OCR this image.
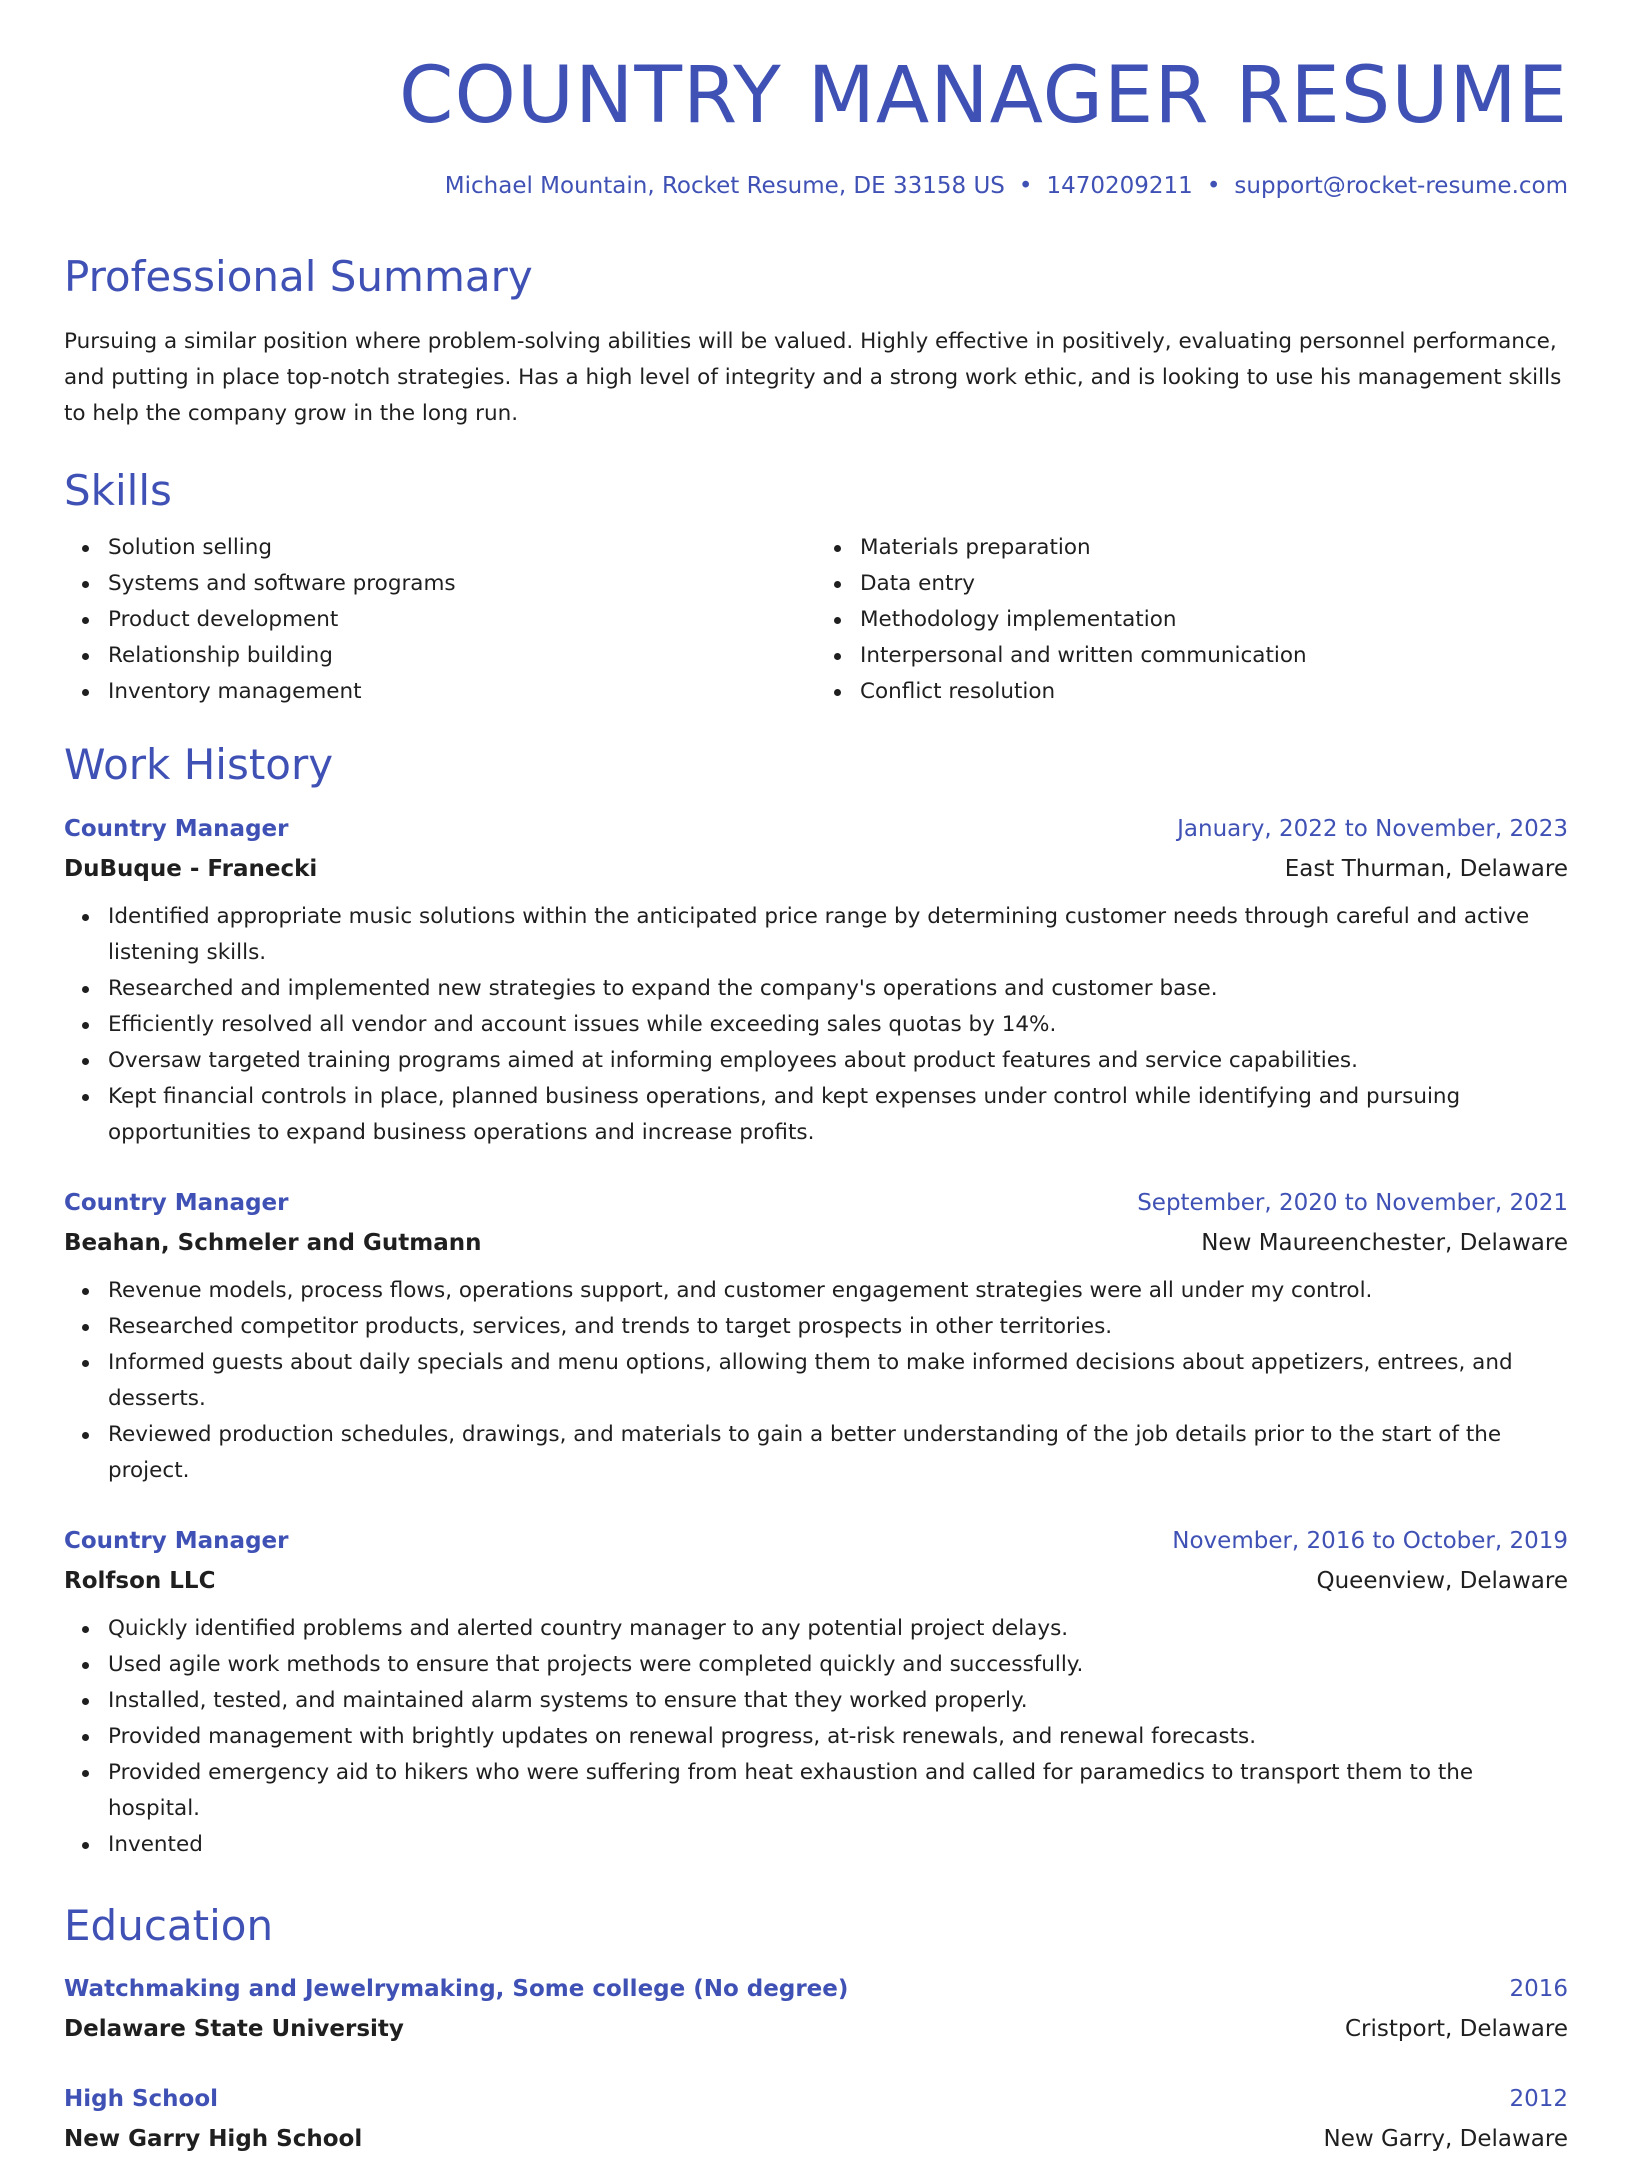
COUNTRY MANAGER RESUME
Michael Mountain, Rocket Resume, DE 33158 US • 1470209211 • support@rocket-resume.com
Professional Summary
Pursuing a similar position where problem-solving abilities will be valued. Highly effective in positively, evaluating personnel performance, and putting in place top-notch strategies. Has a high level of integrity and a strong work ethic, and is looking to use his management skills to help the company grow in the long run.
Skills
Solution selling
Systems and software programs
Product development
Relationship building
Inventory management
Materials preparation
Data entry
Methodology implementation
Interpersonal and written communication
Conflict resolution
Work History
Country Manager	January, 2022 to November, 2023
DuBuque - Franecki	East Thurman, Delaware
Identified appropriate music solutions within the anticipated price range by determining customer needs through careful and active listening skills.
Researched and implemented new strategies to expand the company's operations and customer base.
Efficiently resolved all vendor and account issues while exceeding sales quotas by 14%.
Oversaw targeted training programs aimed at informing employees about product features and service capabilities.
Kept financial controls in place, planned business operations, and kept expenses under control while identifying and pursuing opportunities to expand business operations and increase profits.
Country Manager	September, 2020 to November, 2021
Beahan, Schmeler and Gutmann	New Maureenchester, Delaware
Revenue models, process flows, operations support, and customer engagement strategies were all under my control.
Researched competitor products, services, and trends to target prospects in other territories.
Informed guests about daily specials and menu options, allowing them to make informed decisions about appetizers, entrees, and desserts.
Reviewed production schedules, drawings, and materials to gain a better understanding of the job details prior to the start of the project.
Country Manager	November, 2016 to October, 2019
Rolfson LLC	Queenview, Delaware
Quickly identified problems and alerted country manager to any potential project delays.
Used agile work methods to ensure that projects were completed quickly and successfully.
Installed, tested, and maintained alarm systems to ensure that they worked properly.
Provided management with brightly updates on renewal progress, at-risk renewals, and renewal forecasts.
Provided emergency aid to hikers who were suffering from heat exhaustion and called for paramedics to transport them to the hospital.
Invented
Education
Watchmaking and Jewelrymaking, Some college (No degree)	2016
Delaware State University	Cristport, Delaware
High School	2012
New Garry High School	New Garry, Delaware
